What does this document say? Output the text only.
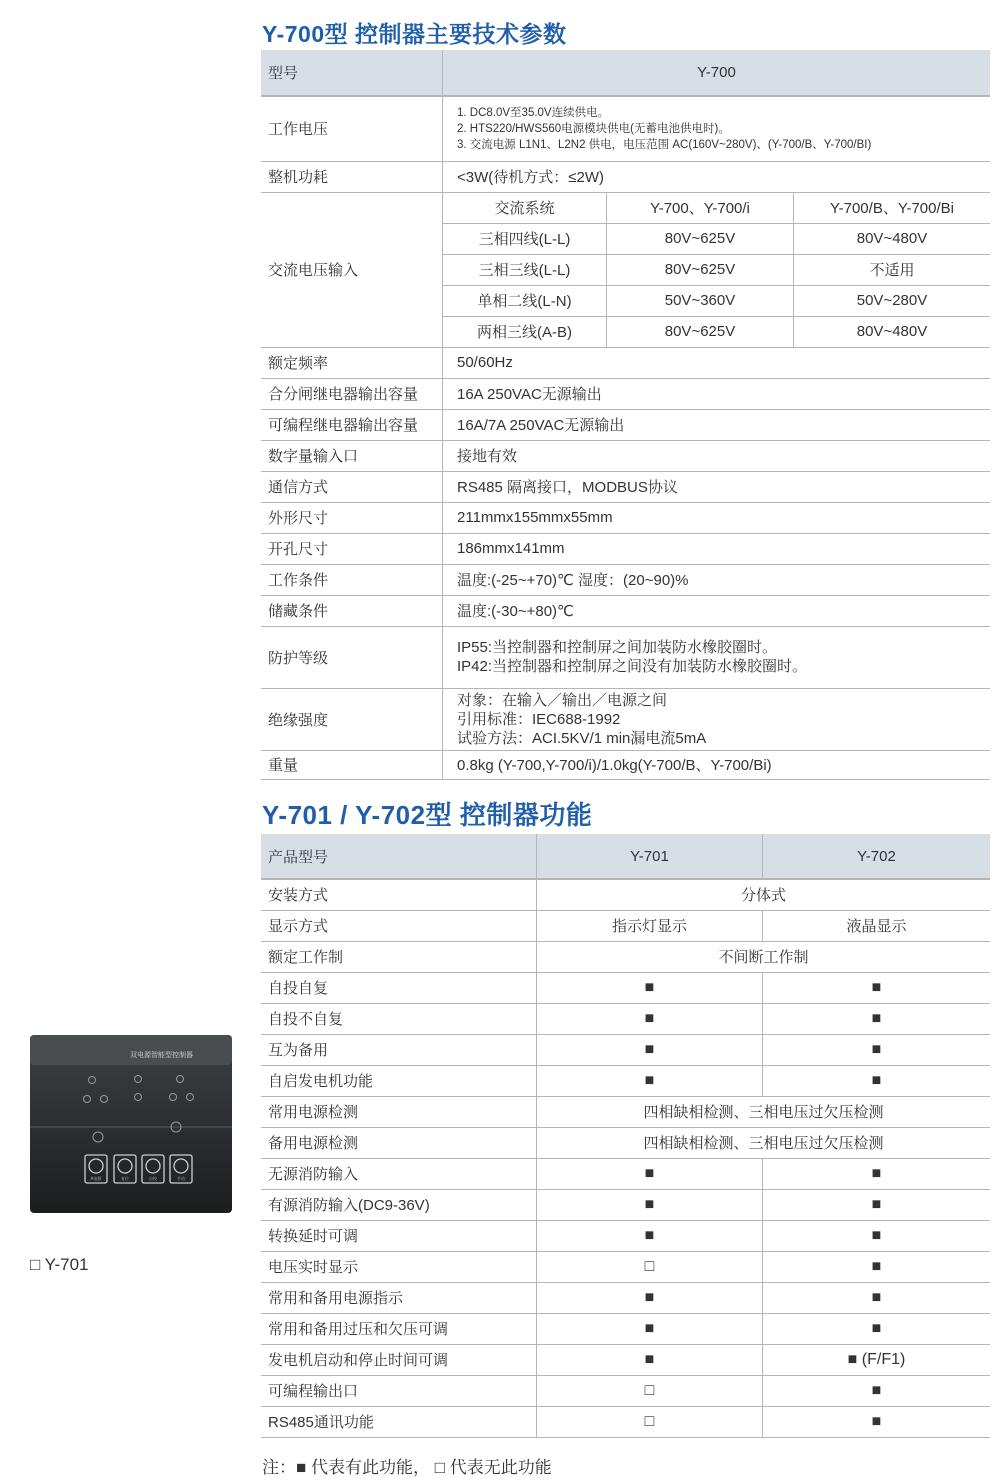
Y-700型 控制器主要技术参数
型号	Y-700		
工作电压	1. DC8.0V至35.0V连续供电。
2. HTS220/HWS560电源模块供电(无蓄电池供电时)。
3. 交流电源 L1N1、L2N2 供电，电压范围 AC(160V~280V)、(Y-700/B、Y-700/BI)		

整机功耗	<3W(待机方式：≤2W)		
交流电压输入	交流系统	Y-700、Y-700/i	Y-700/B、Y-700/Bi
	三相四线(L-L)	80V~625V	80V~480V
	三相三线(L-L)	80V~625V	不适用
	单相二线(L-N)	50V~360V	50V~280V
	两相三线(A-B)	80V~625V	80V~480V
额定频率	50/60Hz		
合分闸继电器输出容量	16A 250VAC无源输出		
可编程继电器输出容量	16A/7A 250VAC无源输出		
数字量输入口	接地有效		
通信方式	RS485 隔离接口，MODBUS协议		
外形尺寸	211mmx155mmx55mm		
开孔尺寸	186mmx141mm		
工作条件	温度:(-25~+70)℃ 湿度：(20~90)%		
储藏条件	温度:(-30~+80)℃		
防护等级	IP55:当控制器和控制屏之间加装防水橡胶圈时。
IP42:当控制器和控制屏之间没有加装防水橡胶圈时。		

绝缘强度	对象：在输入／输出／电源之间
引用标准：IEC688-1992
试验方法：ACI.5KV/1 min漏电流5mA		

重量	0.8kg (Y-700,Y-700/i)/1.0kg(Y-700/B、Y-700/Bi)		
Y-701 / Y-702型 控制器功能
产品型号	Y-701	Y-702
安装方式	分体式	
显示方式	指示灯显示	液晶显示
额定工作制	不间断工作制	
自投自复	■	■
自投不自复	■	■
互为备用	■	■
自启发电机功能	■	■
常用电源检测	四相缺相检测、三相电压过欠压检测	
备用电源检测	四相缺相检测、三相电压过欠压检测	
无源消防输入	■	■
有源消防输入(DC9-36V)	■	■
转换延时可调	■	■
电压实时显示	□	■
常用和备用电源指示	■	■
常用和备用过压和欠压可调	■	■
发电机启动和停止时间可调	■	■ (F/F1)
可编程输出口	□	■
RS485通讯功能	□	■
双电源智能型控制器
A电源	复位	自投	手动
□ Y-701
注：■ 代表有此功能， □ 代表无此功能
